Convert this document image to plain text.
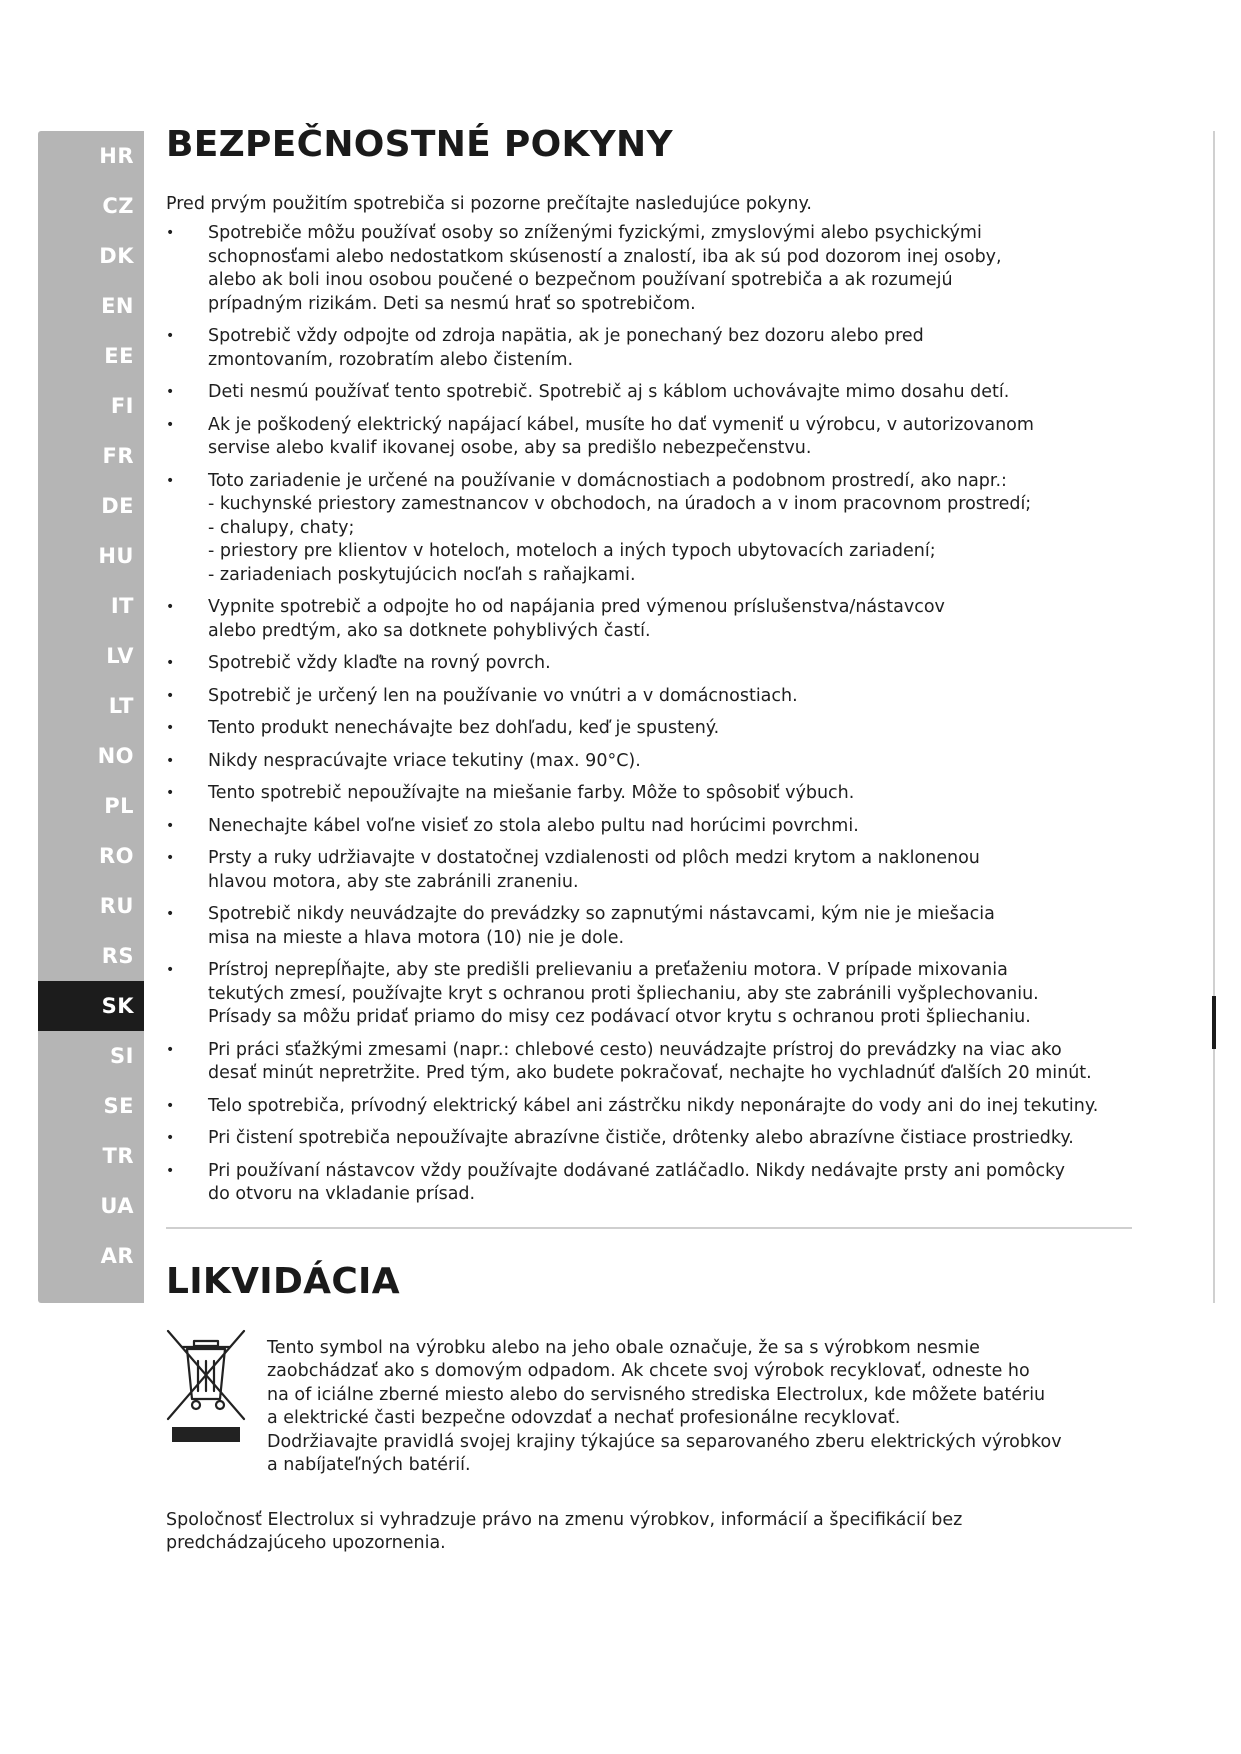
HR
CZ
DK
EN
EE
FI
FR
DE
HU
IT
LV
LT
NO
PL
RO
RU
RS
SK
SI
SE
TR
UA
AR
BEZPEČNOSTNÉ POKYNY

Pred prvým použitím spotrebiča si pozorne prečítajte nasledujúce pokyny.

• Spotrebiče môžu používať osoby so zníženými fyzickými, zmyslovými alebo psychickými
schopnosťami alebo nedostatkom skúseností a znalostí, iba ak sú pod dozorom inej osoby,
alebo ak boli inou osobou poučené o bezpečnom používaní spotrebiča a ak rozumejú
prípadným rizikám. Deti sa nesmú hrať so spotrebičom.
• Spotrebič vždy odpojte od zdroja napätia, ak je ponechaný bez dozoru alebo pred
zmontovaním, rozobratím alebo čistením.
• Deti nesmú používať tento spotrebič. Spotrebič aj s káblom uchovávajte mimo dosahu detí.
• Ak je poškodený elektrický napájací kábel, musíte ho dať vymeniť u výrobcu, v autorizovanom
servise alebo kvalif ikovanej osobe, aby sa predišlo nebezpečenstvu.
• Toto zariadenie je určené na používanie v domácnostiach a podobnom prostredí, ako napr.:
- kuchynské priestory zamestnancov v obchodoch, na úradoch a v inom pracovnom prostredí;
- chalupy, chaty;
- priestory pre klientov v hoteloch, moteloch a iných typoch ubytovacích zariadení;
- zariadeniach poskytujúcich nocľah s raňajkami.
• Vypnite spotrebič a odpojte ho od napájania pred výmenou príslušenstva/nástavcov
alebo predtým, ako sa dotknete pohyblivých častí.
• Spotrebič vždy klaďte na rovný povrch.
• Spotrebič je určený len na používanie vo vnútri a v domácnostiach.
• Tento produkt nenechávajte bez dohľadu, keď je spustený.
• Nikdy nespracúvajte vriace tekutiny (max. 90°C).
• Tento spotrebič nepoužívajte na miešanie farby. Môže to spôsobiť výbuch.
• Nenechajte kábel voľne visieť zo stola alebo pultu nad horúcimi povrchmi.
• Prsty a ruky udržiavajte v dostatočnej vzdialenosti od plôch medzi krytom a naklonenou
hlavou motora, aby ste zabránili zraneniu.
• Spotrebič nikdy neuvádzajte do prevádzky so zapnutými nástavcami, kým nie je miešacia
misa na mieste a hlava motora (10) nie je dole.
• Prístroj neprepĺňajte, aby ste predišli prelievaniu a preťaženiu motora. V prípade mixovania
tekutých zmesí, používajte kryt s ochranou proti špliechaniu, aby ste zabránili vyšplechovaniu.
Prísady sa môžu pridať priamo do misy cez podávací otvor krytu s ochranou proti špliechaniu.
• Pri práci sťažkými zmesami (napr.: chlebové cesto) neuvádzajte prístroj do prevádzky na viac ako
desať minút nepretržite. Pred tým, ako budete pokračovať, nechajte ho vychladnúť ďalších 20 minút.
• Telo spotrebiča, prívodný elektrický kábel ani zástrčku nikdy neponárajte do vody ani do inej tekutiny.
• Pri čistení spotrebiča nepoužívajte abrazívne čističe, drôtenky alebo abrazívne čistiace prostriedky.
• Pri používaní nástavcov vždy používajte dodávané zatláčadlo. Nikdy nedávajte prsty ani pomôcky
do otvoru na vkladanie prísad.
LIKVIDÁCIA
Tento symbol na výrobku alebo na jeho obale označuje, že sa s výrobkom nesmie
zaobchádzať ako s domovým odpadom. Ak chcete svoj výrobok recyklovať, odneste ho
na of iciálne zberné miesto alebo do servisného strediska Electrolux, kde môžete batériu
a elektrické časti bezpečne odovzdať a nechať profesionálne recyklovať.
Dodržiavajte pravidlá svojej krajiny týkajúce sa separovaného zberu elektrických výrobkov
a nabíjateľných batérií.
Spoločnosť Electrolux si vyhradzuje právo na zmenu výrobkov, informácií a špecifikácií bez
predchádzajúceho upozornenia.
